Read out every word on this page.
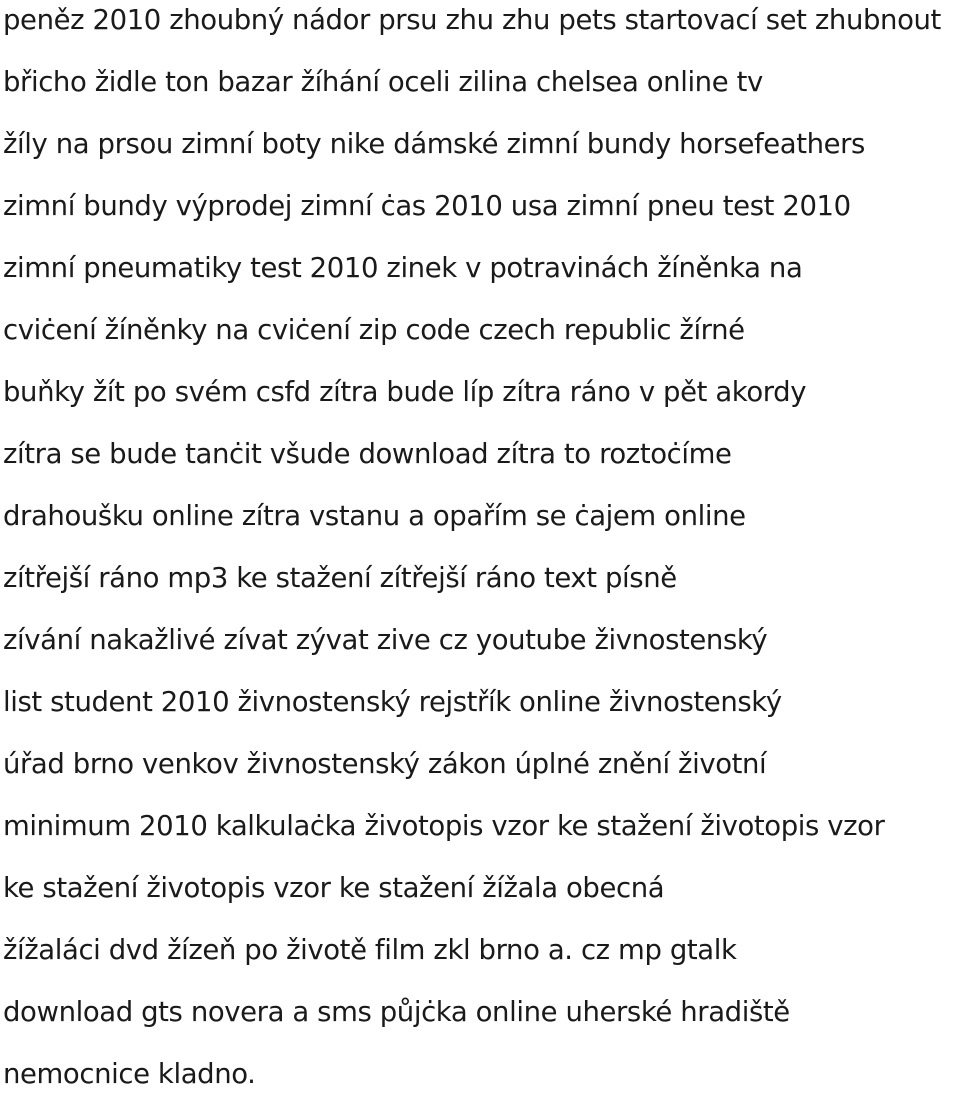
peněz 2010 zhoubný nádor prsu zhu zhu pets startovací set zhubnout
břicho židle ton bazar žíhání oceli zilina chelsea online tv
žíly na prsou zimní boty nike dámské zimní bundy horsefeathers
zimní bundy výprodej zimní ċas 2010 usa zimní pneu test 2010
zimní pneumatiky test 2010 zinek v potravinách žíněnka na
cviċení žíněnky na cviċení zip code czech republic žírné
buňky žít po svém csfd zítra bude líp zítra ráno v pět akordy
zítra se bude tanċit všude download zítra to roztoċíme
drahoušku online zítra vstanu a opařím se ċajem online
zítřejší ráno mp3 ke stažení zítřejší ráno text písně
zívání nakažlivé zívat zývat zive cz youtube živnostenský
list student 2010 živnostenský rejstřík online živnostenský
úřad brno venkov živnostenský zákon úplné znění životní
minimum 2010 kalkulaċka životopis vzor ke stažení životopis vzor
ke stažení životopis vzor ke stažení žížala obecná
žížaláci dvd žízeň po životě film zkl brno a. cz mp gtalk
download gts novera a sms půjċka online uherské hradiště
nemocnice kladno.
